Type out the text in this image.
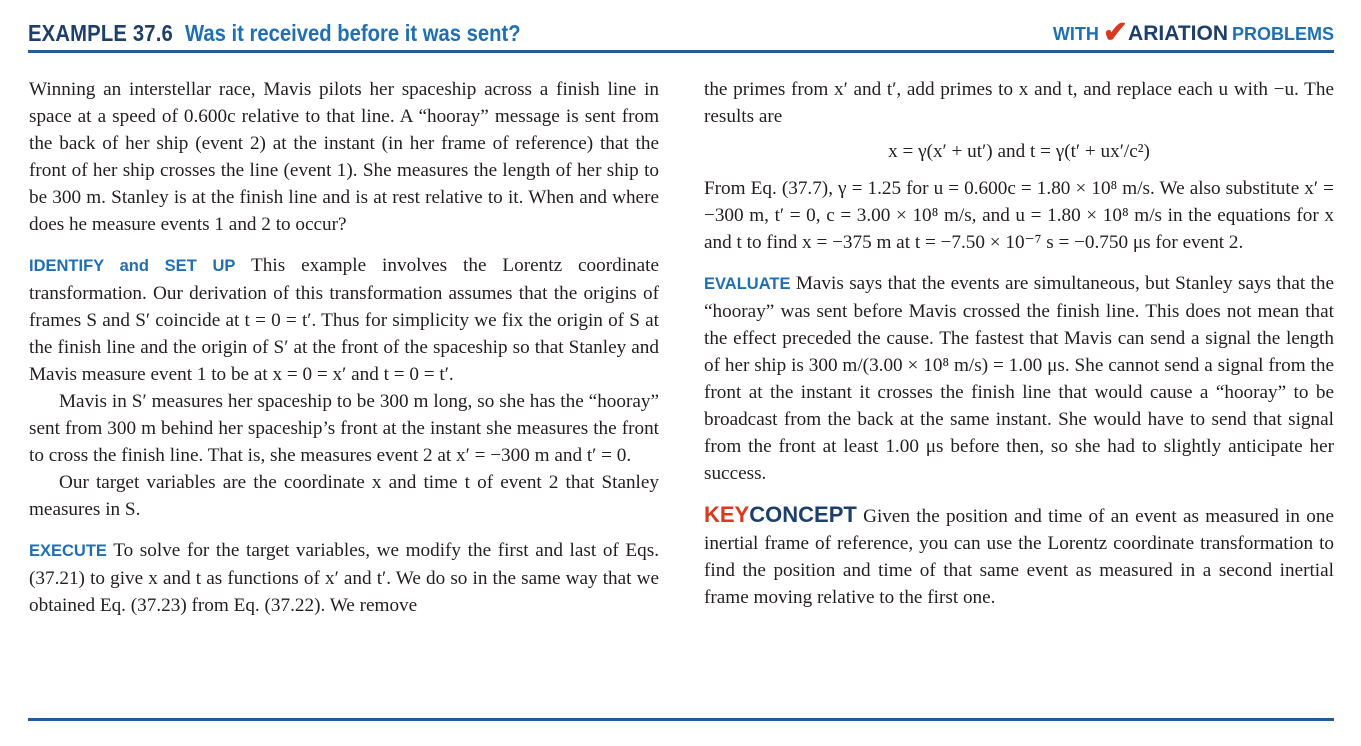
EXAMPLE 37.6 Was it received before it was sent?	WITH ✔ARIATION PROBLEMS

Winning an interstellar race, Mavis pilots her spaceship across a finish line in space at a speed of 0.600c relative to that line. A “hooray” message is sent from the back of her ship (event 2) at the instant (in her frame of reference) that the front of her ship crosses the line (event 1). She measures the length of her ship to be 300 m. Stanley is at the finish line and is at rest relative to it. When and where does he measure events 1 and 2 to occur?

IDENTIFY and SET UP This example involves the Lorentz coordinate transformation. Our derivation of this transformation assumes that the origins of frames S and S′ coincide at t = 0 = t′. Thus for simplicity we fix the origin of S at the finish line and the origin of S′ at the front of the spaceship so that Stanley and Mavis measure event 1 to be at x = 0 = x′ and t = 0 = t′.

Mavis in S′ measures her spaceship to be 300 m long, so she has the “hooray” sent from 300 m behind her spaceship’s front at the instant she measures the front to cross the finish line. That is, she measures event 2 at x′ = −300 m and t′ = 0.

Our target variables are the coordinate x and time t of event 2 that Stanley measures in S.

EXECUTE To solve for the target variables, we modify the first and last of Eqs. (37.21) to give x and t as functions of x′ and t′. We do so in the same way that we obtained Eq. (37.23) from Eq. (37.22). We remove

the primes from x′ and t′, add primes to x and t, and replace each u with −u. The results are

x = γ(x′ + ut′) and t = γ(t′ + ux′/c²)

From Eq. (37.7), γ = 1.25 for u = 0.600c = 1.80 × 10⁸ m/s. We also substitute x′ = −300 m, t′ = 0, c = 3.00 × 10⁸ m/s, and u = 1.80 × 10⁸ m/s in the equations for x and t to find x = −375 m at t = −7.50 × 10⁻⁷ s = −0.750 μs for event 2.

EVALUATE Mavis says that the events are simultaneous, but Stanley says that the “hooray” was sent before Mavis crossed the finish line. This does not mean that the effect preceded the cause. The fastest that Mavis can send a signal the length of her ship is 300 m/(3.00 × 10⁸ m/s) = 1.00 μs. She cannot send a signal from the front at the instant it crosses the finish line that would cause a “hooray” to be broadcast from the back at the same instant. She would have to send that signal from the front at least 1.00 μs before then, so she had to slightly anticipate her success.

KEYCONCEPT Given the position and time of an event as measured in one inertial frame of reference, you can use the Lorentz coordinate transformation to find the position and time of that same event as measured in a second inertial frame moving relative to the first one.
